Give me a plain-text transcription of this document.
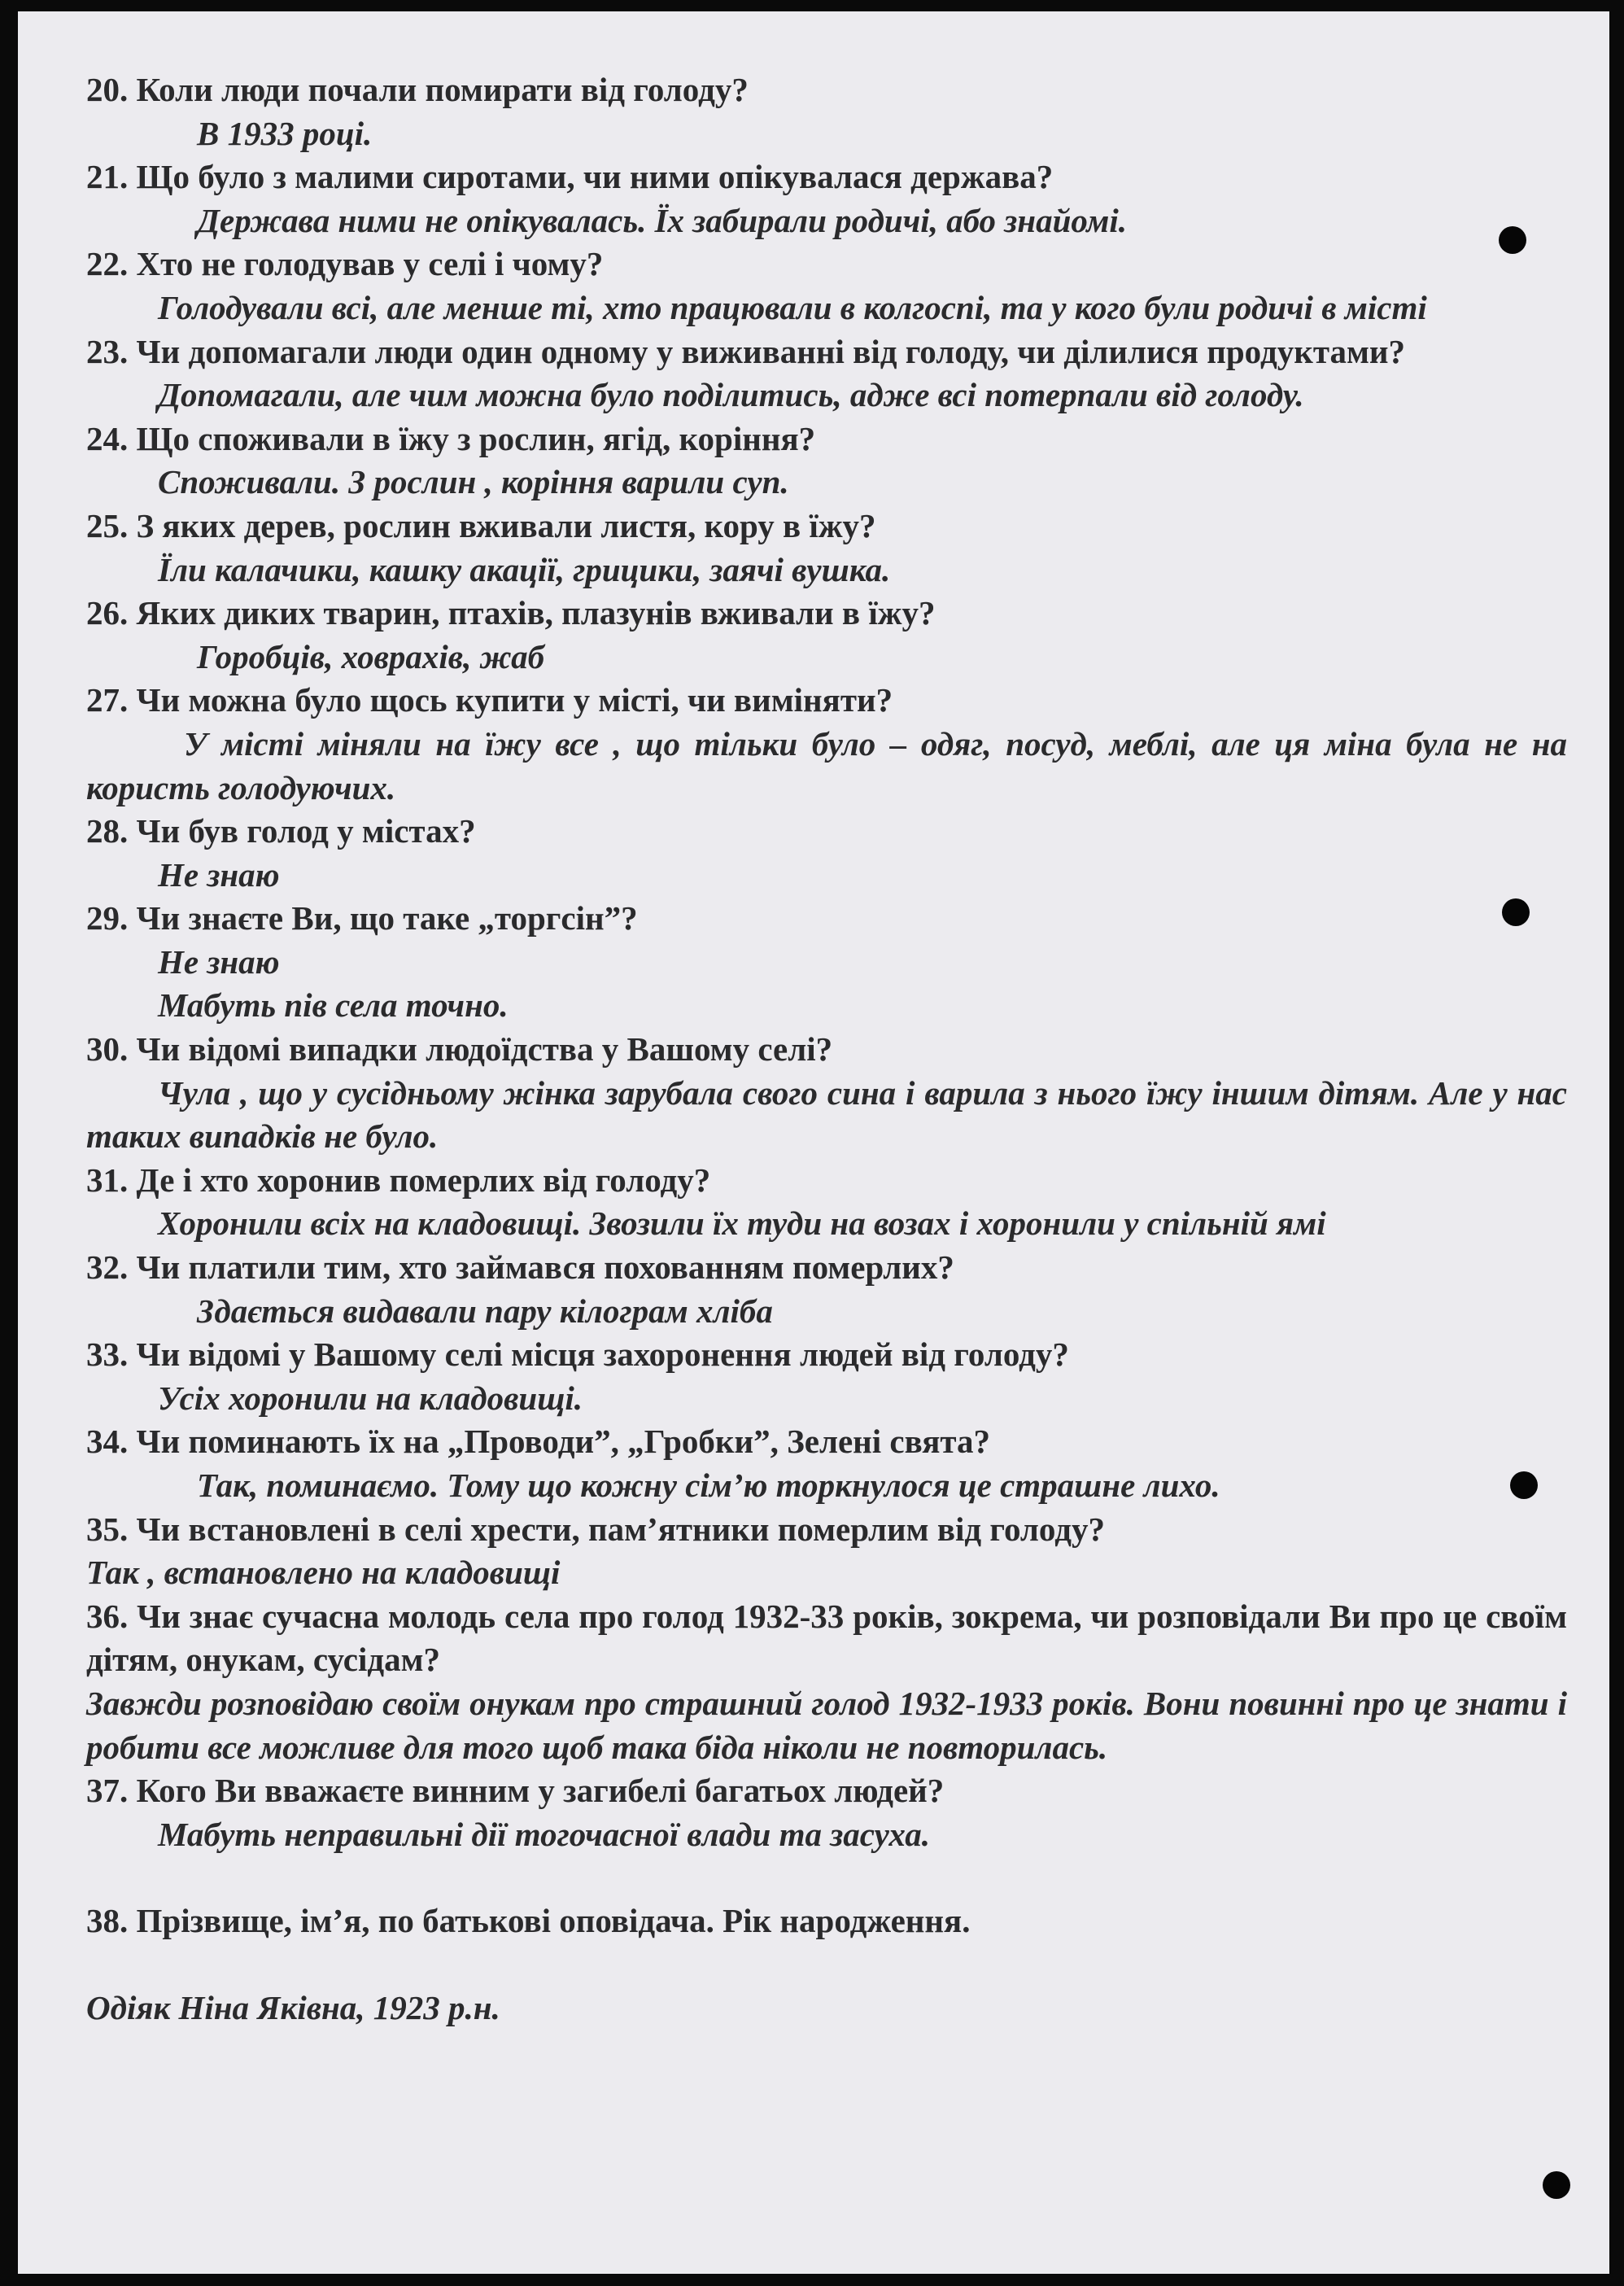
20. Коли люди почали помирати від голоду?

В 1933 році.

21. Що було з малими сиротами, чи ними опікувалася держава?

Держава ними не опікувалась. Їх забирали родичі, або знайомі.

22. Хто не голодував у селі і чому?

Голодували всі, але менше ті, хто працювали в колгоспі, та у кого були родичі в місті

23. Чи допомагали люди один одному у виживанні від голоду, чи ділилися продуктами?

Допомагали, але чим можна було поділитись, адже всі потерпали від голоду.

24. Що споживали в їжу з рослин, ягід, коріння?

Споживали. З рослин , коріння варили суп.

25. З яких дерев, рослин вживали листя, кору в їжу?

Їли калачики, кашку акації, грицики, заячі вушка.

26. Яких диких тварин, птахів, плазунів вживали в їжу?

Горобців, ховрахів, жаб

27. Чи можна було щось купити у місті, чи виміняти?

У місті міняли на їжу все , що тільки було – одяг, посуд, меблі, але ця міна була не на користь голодуючих.

28. Чи був голод у містах?

Не знаю

29. Чи знаєте Ви, що таке „торгсін”?

Не знаю

Мабуть пів села точно.

30. Чи відомі випадки людоїдства у Вашому селі?

Чула , що у сусідньому жінка зарубала свого сина і варила з нього їжу іншим дітям. Але у нас таких випадків не було.

31. Де і хто хоронив померлих від голоду?

Хоронили всіх на кладовищі. Звозили їх туди на возах і хоронили у спільній ямі

32. Чи платили тим, хто займався похованням померлих?

Здається видавали пару кілограм хліба

33. Чи відомі у Вашому селі місця захоронення людей від голоду?

Усіх хоронили на кладовищі.

34. Чи поминають їх на „Проводи”, „Гробки”, Зелені свята?

Так, поминаємо. Тому що кожну сім’ю торкнулося це страшне лихо.

35. Чи встановлені в селі хрести, пам’ятники померлим від голоду?

Так , встановлено на кладовищі

36. Чи знає сучасна молодь села про голод 1932-33 років, зокрема, чи розповідали Ви про це своїм дітям, онукам, сусідам?

Завжди розповідаю своїм онукам про страшний голод 1932-1933 років. Вони повинні про це знати і робити все можливе для того щоб така біда ніколи не повторилась.

37. Кого Ви вважаєте винним у загибелі багатьох людей?

Мабуть неправильні дії тогочасної влади та засуха.

38. Прізвище, ім’я, по батькові оповідача. Рік народження.

Одіяк Ніна Яківна, 1923 р.н.
